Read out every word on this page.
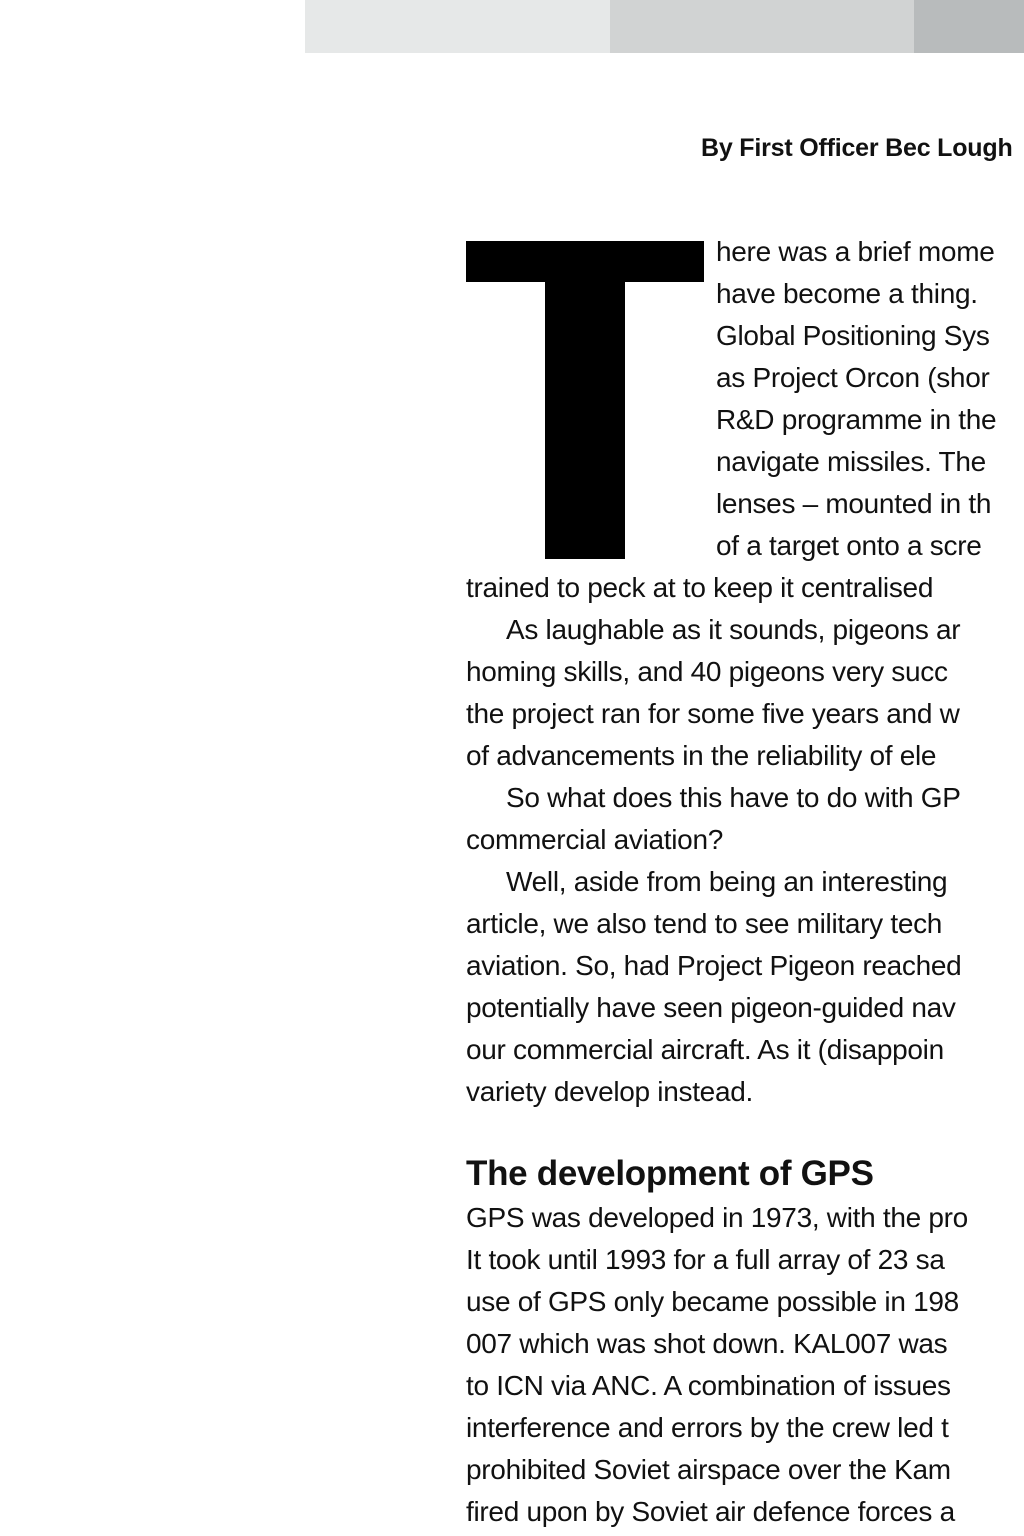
By First Officer Bec Lough
here was a brief mome
have become a thing.
Global Positioning Sys
as Project Orcon (shor
R&D programme in the
navigate missiles. The
lenses – mounted in th
of a target onto a scre
trained to peck at to keep it centralised
As laughable as it sounds, pigeons ar
homing skills, and 40 pigeons very succ
the project ran for some five years and w
of advancements in the reliability of ele
So what does this have to do with GP
commercial aviation?
Well, aside from being an interesting
article, we also tend to see military tech
aviation. So, had Project Pigeon reached
potentially have seen pigeon-guided nav
our commercial aircraft. As it (disappoin
variety develop instead.
The development of GPS
GPS was developed in 1973, with the pro
It took until 1993 for a full array of 23 sa
use of GPS only became possible in 198
007 which was shot down. KAL007 was
to ICN via ANC. A combination of issues
interference and errors by the crew led t
prohibited Soviet airspace over the Kam
fired upon by Soviet air defence forces a
